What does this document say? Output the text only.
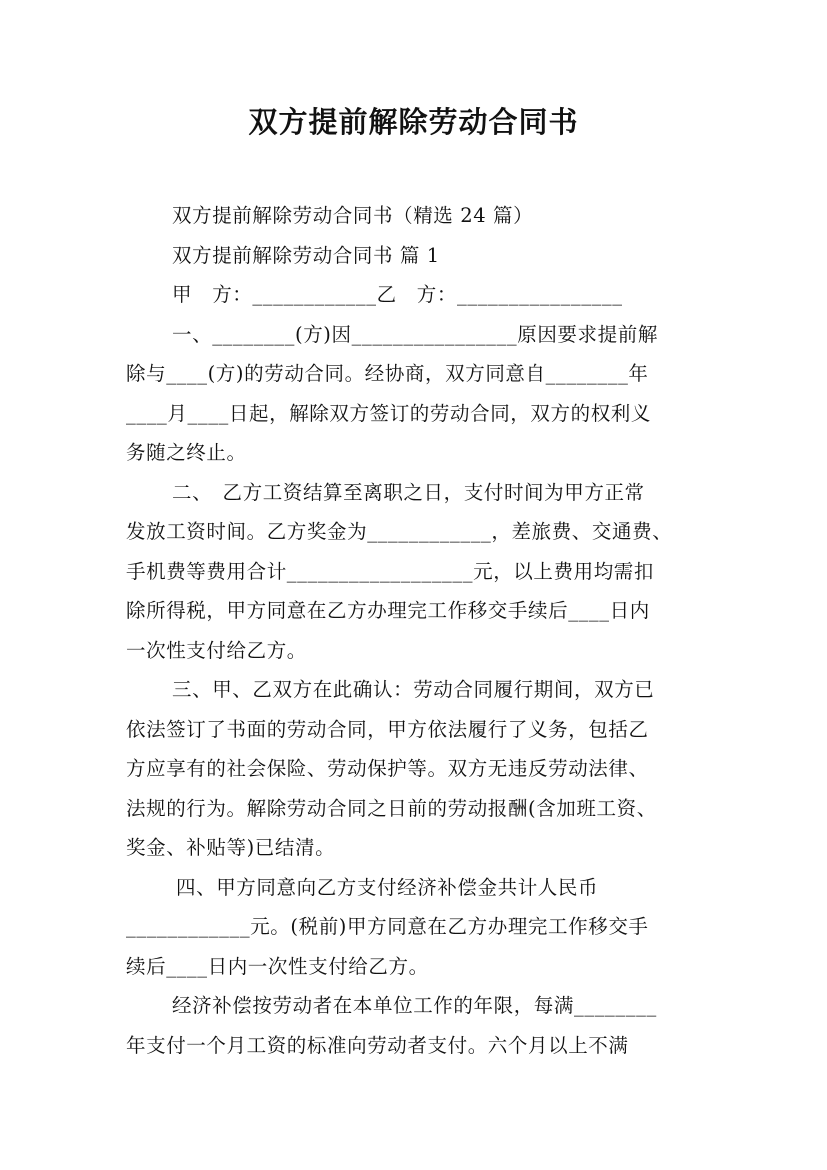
双方提前解除劳动合同书
双方提前解除劳动合同书（精选 24 篇）
双方提前解除劳动合同书 篇 1
甲　方：____________乙　方：________________
一、________(方)因________________原因要求提前解
除与____(方)的劳动合同。经协商，双方同意自________年
____月____日起，解除双方签订的劳动合同，双方的权利义
务随之终止。
二、　乙方工资结算至离职之日，支付时间为甲方正常
发放工资时间。乙方奖金为____________，差旅费、交通费、
手机费等费用合计__________________元，以上费用均需扣
除所得税，甲方同意在乙方办理完工作移交手续后____日内
一次性支付给乙方。
三、甲、乙双方在此确认：劳动合同履行期间，双方已
依法签订了书面的劳动合同，甲方依法履行了义务，包括乙
方应享有的社会保险、劳动保护等。双方无违反劳动法律、
法规的行为。解除劳动合同之日前的劳动报酬(含加班工资、
奖金、补贴等)已结清。
四、甲方同意向乙方支付经济补偿金共计人民币
____________元。(税前)甲方同意在乙方办理完工作移交手
续后____日内一次性支付给乙方。
经济补偿按劳动者在本单位工作的年限，每满________
年支付一个月工资的标准向劳动者支付。六个月以上不满
